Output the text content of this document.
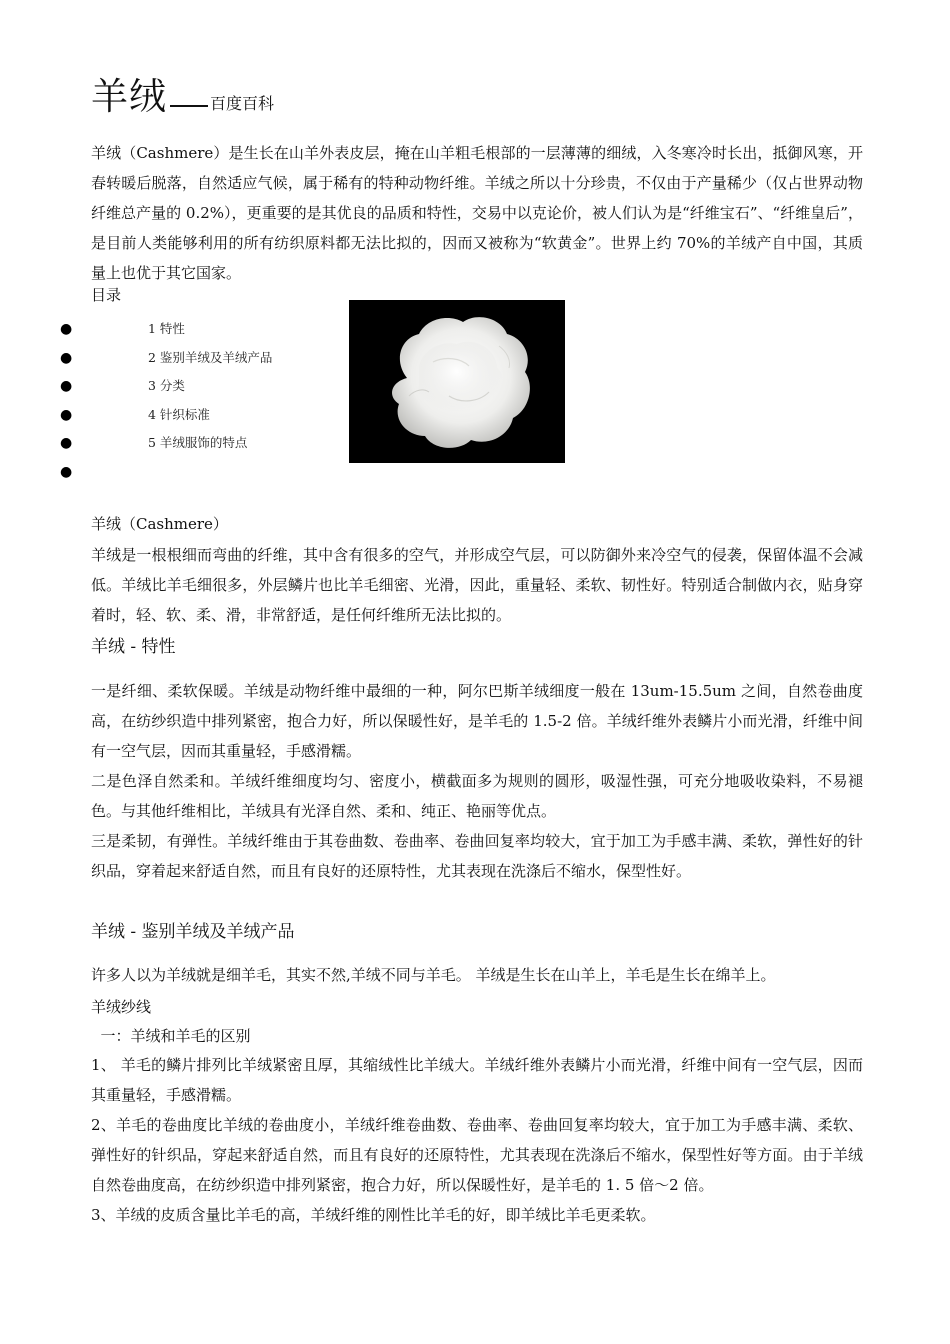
羊绒	百度百科

羊绒（Cashmere）是生长在山羊外表皮层，掩在山羊粗毛根部的一层薄薄的细绒，入冬寒冷时长出，抵御风寒，开春转暖后脱落，自然适应气候，属于稀有的特种动物纤维。羊绒之所以十分珍贵，不仅由于产量稀少（仅占世界动物纤维总产量的 0.2%），更重要的是其优良的品质和特性，交易中以克论价，被人们认为是“纤维宝石”、“纤维皇后”， 是目前人类能够利用的所有纺织原料都无法比拟的，因而又被称为“软黄金”。世界上约 70%的羊绒产自中国，其质量上也优于其它国家。

目录
●	1 特性
●	2 鉴别羊绒及羊绒产品
●	3 分类
●	4 针织标准
●	5 羊绒服饰的特点
●
羊绒（Cashmere）

羊绒是一根根细而弯曲的纤维，其中含有很多的空气，并形成空气层，可以防御外来冷空气的侵袭，保留体温不会减低。羊绒比羊毛细很多，外层鳞片也比羊毛细密、光滑，因此，重量轻、柔软、韧性好。特别适合制做内衣，贴身穿着时，轻、软、柔、滑，非常舒适，是任何纤维所无法比拟的。

羊绒 - 特性
一是纤细、柔软保暖。羊绒是动物纤维中最细的一种，阿尔巴斯羊绒细度一般在 13um-15.5um 之间，自然卷曲度高，在纺纱织造中排列紧密，抱合力好，所以保暖性好，是羊毛的 1.5-2 倍。羊绒纤维外表鳞片小而光滑，纤维中间有一空气层，因而其重量轻，手感滑糯。
二是色泽自然柔和。羊绒纤维细度均匀、密度小，横截面多为规则的圆形，吸湿性强，可充分地吸收染料，不易褪色。与其他纤维相比，羊绒具有光泽自然、柔和、纯正、艳丽等优点。
三是柔韧，有弹性。羊绒纤维由于其卷曲数、卷曲率、卷曲回复率均较大，宜于加工为手感丰满、柔软，弹性好的针织品，穿着起来舒适自然，而且有良好的还原特性，尤其表现在洗涤后不缩水，保型性好。
羊绒 - 鉴别羊绒及羊绒产品

许多人以为羊绒就是细羊毛，其实不然,羊绒不同与羊毛。 羊绒是生长在山羊上，羊毛是生长在绵羊上。

羊绒纱线
一：羊绒和羊毛的区别
1、 羊毛的鳞片排列比羊绒紧密且厚，其缩绒性比羊绒大。羊绒纤维外表鳞片小而光滑，纤维中间有一空气层，因而其重量轻，手感滑糯。
2、羊毛的卷曲度比羊绒的卷曲度小，羊绒纤维卷曲数、卷曲率、卷曲回复率均较大，宜于加工为手感丰满、柔软、弹性好的针织品，穿起来舒适自然，而且有良好的还原特性，尤其表现在洗涤后不缩水，保型性好等方面。由于羊绒自然卷曲度高，在纺纱织造中排列紧密，抱合力好，所以保暖性好，是羊毛的 1. 5 倍～2 倍。
3、羊绒的皮质含量比羊毛的高，羊绒纤维的刚性比羊毛的好，即羊绒比羊毛更柔软。
